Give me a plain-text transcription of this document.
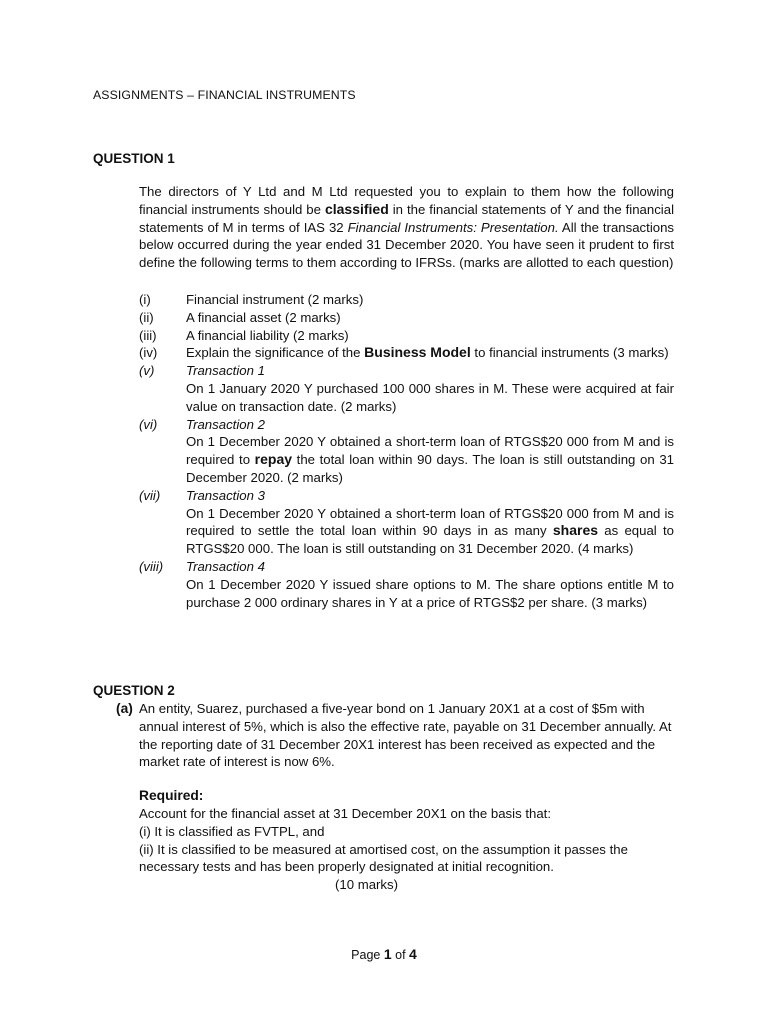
ASSIGNMENTS – FINANCIAL INSTRUMENTS
QUESTION 1
The directors of Y Ltd and M Ltd requested you to explain to them how the following financial instruments should be classified in the financial statements of Y and the financial statements of M in terms of IAS 32 Financial Instruments: Presentation. All the transactions below occurred during the year ended 31 December 2020. You have seen it prudent to first define the following terms to them according to IFRSs. (marks are allotted to each question)
(i)	Financial instrument (2 marks)
(ii)	A financial asset (2 marks)
(iii)	A financial liability (2 marks)
(iv)	Explain the significance of the Business Model to financial instruments (3 marks)
(v)	Transaction 1
On 1 January 2020 Y purchased 100 000 shares in M. These were acquired at fair value on transaction date. (2 marks)
(vi)	Transaction 2
On 1 December 2020 Y obtained a short-term loan of RTGS$20 000 from M and is required to repay the total loan within 90 days. The loan is still outstanding on 31 December 2020. (2 marks)
(vii)	Transaction 3
On 1 December 2020 Y obtained a short-term loan of RTGS$20 000 from M and is required to settle the total loan within 90 days in as many shares as equal to RTGS$20 000. The loan is still outstanding on 31 December 2020. (4 marks)
(viii)	Transaction 4
On 1 December 2020 Y issued share options to M. The share options entitle M to purchase 2 000 ordinary shares in Y at a price of RTGS$2 per share. (3 marks)
QUESTION 2
(a) An entity, Suarez, purchased a five-year bond on 1 January 20X1 at a cost of $5m with annual interest of 5%, which is also the effective rate, payable on 31 December annually. At the reporting date of 31 December 20X1 interest has been received as expected and the market rate of interest is now 6%.
Required:
Account for the financial asset at 31 December 20X1 on the basis that:
(i) It is classified as FVTPL, and
(ii) It is classified to be measured at amortised cost, on the assumption it passes the necessary tests and has been properly designated at initial recognition.
(10 marks)
Page 1 of 4
